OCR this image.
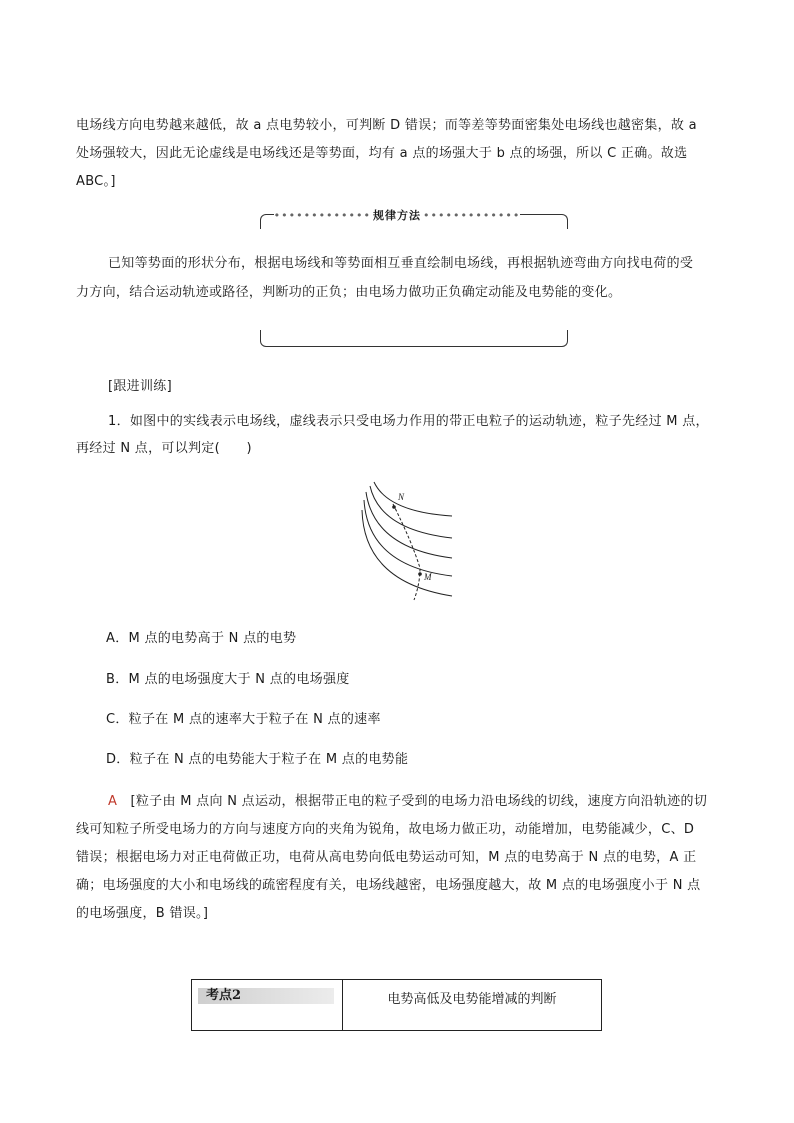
电场线方向电势越来越低，故 a 点电势较小，可判断 D 错误；而等差等势面密集处电场线也越密集，故 a
处场强较大，因此无论虚线是电场线还是等势面，均有 a 点的场强大于 b 点的场强，所以 C 正确。故选
ABC。]
••••••••••••• 规律方法 •••••••••••••
已知等势面的形状分布，根据电场线和等势面相互垂直绘制电场线，再根据轨迹弯曲方向找电荷的受
力方向，结合运动轨迹或路径，判断功的正负；由电场力做功正负确定动能及电势能的变化。
[跟进训练]
1．如图中的实线表示电场线，虚线表示只受电场力作用的带正电粒子的运动轨迹，粒子先经过 M 点，
再经过 N 点，可以判定(　　)
N
M
A．M 点的电势高于 N 点的电势
B．M 点的电场强度大于 N 点的电场强度
C．粒子在 M 点的速率大于粒子在 N 点的速率
D．粒子在 N 点的电势能大于粒子在 M 点的电势能
A　 [粒子由 M 点向 N 点运动，根据带正电的粒子受到的电场力沿电场线的切线，速度方向沿轨迹的切
线可知粒子所受电场力的方向与速度方向的夹角为锐角，故电场力做正功，动能增加，电势能减少，C、D
错误；根据电场力对正电荷做正功，电荷从高电势向低电势运动可知，M 点的电势高于 N 点的电势，A 正
确；电场强度的大小和电场线的疏密程度有关，电场线越密，电场强度越大，故 M 点的电场强度小于 N 点
的电场强度，B 错误。]
考点2	电势高低及电势能增减的判断
